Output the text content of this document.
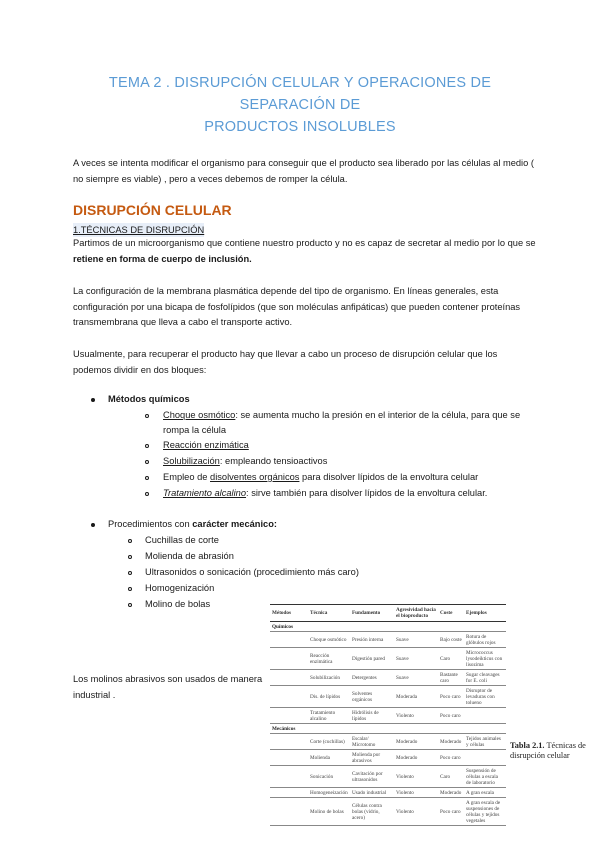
TEMA 2 . DISRUPCIÓN CELULAR Y OPERACIONES DE SEPARACIÓN DE
PRODUCTOS INSOLUBLES
A veces se intenta modificar el organismo para conseguir que el producto sea liberado por las células al medio (
no siempre es viable) , pero a veces debemos de romper la célula.
DISRUPCIÓN CELULAR
1.TÉCNICAS DE DISRUPCIÓN
Partimos de un microorganismo que contiene nuestro producto y no es capaz de secretar al medio por lo que se
retiene en forma de cuerpo de inclusión.
La configuración de la membrana plasmática depende del tipo de organismo. En líneas generales, esta
configuración por una bicapa de fosfolípidos (que son moléculas anfipáticas) que pueden contener proteínas
transmembrana que lleva a cabo el transporte activo.
Usualmente, para recuperar el producto hay que llevar a cabo un proceso de disrupción celular que los
podemos dividir en dos bloques:
Métodos químicos
Choque osmótico: se aumenta mucho la presión en el interior de la célula, para que se
rompa la célula
Reacción enzimática
Solubilización: empleando tensioactivos
Empleo de disolventes orgánicos para disolver lípidos de la envoltura celular
Tratamiento alcalino: sirve también para disolver lípidos de la envoltura celular.
Procedimientos con carácter mecánico:
Cuchillas de corte
Molienda de abrasión
Ultrasonidos o sonicación (procedimiento más caro)
Homogenización
Molino de bolas
Los molinos abrasivos son usados de manera
industrial .
Métodos	Técnica	Fundamento	Agresividad hacia el bioproducto	Coste	Ejemplos
Químicos					
	Choque osmótico	Presión interna	Suave	Bajo coste	Rotura de glóbulos rojos
	Reacción enzimática	Digestión pared	Suave	Caro	Micrococcus lysodeikticus con lisozima
	Solubilización	Detergentes	Suave	Bastante caro	Sugar cleavages for E. coli
	Dis. de lípidos	Solventes orgánicos	Moderada	Poco caro	Disruptor de levaduras con tolueno
	Tratamiento alcalino	Hidrólisis de lípidos	Violento	Poco caro	
Mecánicos					
	Corte (cuchillas)	Escalar/ Microtomo	Moderado	Moderado	Tejidos animales y células
	Molienda	Molienda por abrasivos	Moderado	Poco caro	
	Sonicación	Cavitación por ultrasonidos	Violento	Caro	Suspensión de células a escala de laboratorio
	Homogeneización	Usado industrial	Violento	Moderado	A gran escala
	Molino de bolas	Células contra bolas (vidrio, acero)	Violento	Poco caro	A gran escala de suspensiones de células y tejidos vegetales
Tabla 2.1. Técnicas de disrupción celular
